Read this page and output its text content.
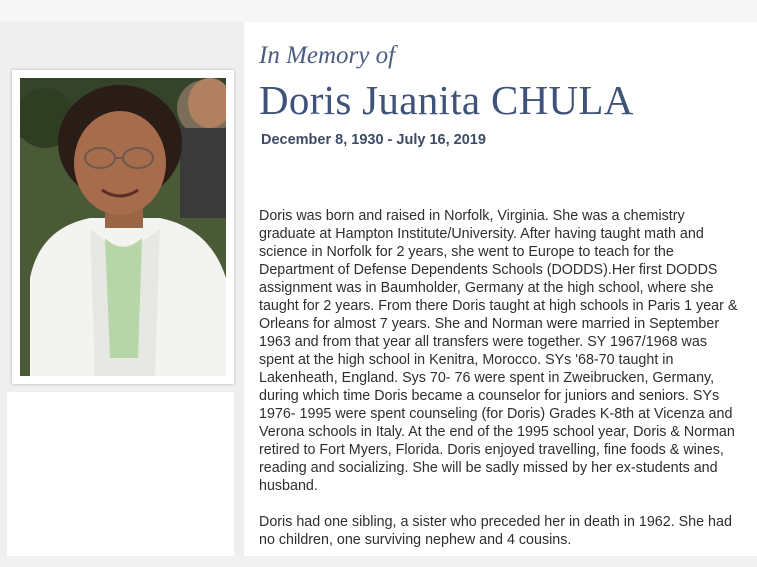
In Memory of
Doris Juanita CHULA
December 8, 1930 - July 16, 2019

Doris was born and raised in Norfolk, Virginia. She was a chemistry graduate at Hampton Institute/University. After having taught math and science in Norfolk for 2 years, she went to Europe to teach for the Department of Defense Dependents Schools (DODDS).Her first DODDS assignment was in Baumholder, Germany at the high school, where she taught for 2 years. From there Doris taught at high schools in Paris 1 year & Orleans for almost 7 years. She and Norman were married in September 1963 and from that year all transfers were together. SY 1967/1968 was spent at the high school in Kenitra, Morocco. SYs '68-70 taught in Lakenheath, England. Sys 70- 76 were spent in Zweibrucken, Germany, during which time Doris became a counselor for juniors and seniors. SYs 1976- 1995 were spent counseling (for Doris) Grades K-8th at Vicenza and Verona schools in Italy. At the end of the 1995 school year, Doris & Norman retired to Fort Myers, Florida. Doris enjoyed travelling, fine foods & wines, reading and socializing. She will be sadly missed by her ex-students and husband.

Doris had one sibling, a sister who preceded her in death in 1962. She had no children, one surviving nephew and 4 cousins.
